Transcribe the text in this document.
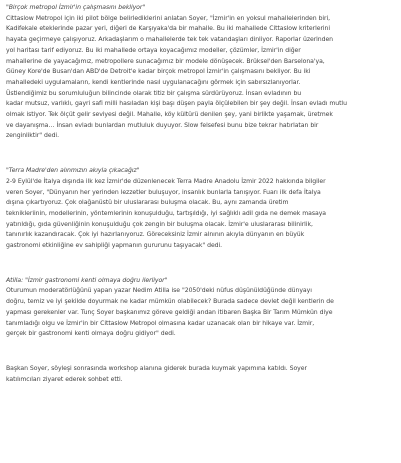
"Birçok metropol İzmir'in çalışmasını bekliyor"
Cittaslow Metropol için iki pilot bölge belirlediklerini anlatan Soyer, "İzmir'in en yoksul mahallelerinden biri,
Kadifekale eteklerinde pazar yeri, diğeri de Karşıyaka'da bir mahalle. Bu iki mahallede Cittaslow kriterlerini
hayata geçirmeye çalışıyoruz. Arkadaşlarım o mahallelerde tek tek vatandaşları dinliyor. Raporlar üzerinden
yol haritası tarif ediyoruz. Bu iki mahallede ortaya koyacağımız modeller, çözümler, İzmir'in diğer
mahallerine de yayacağımız, metropollere sunacağımız bir modele dönüşecek. Brüksel'den Barselona'ya,
Güney Kore'de Busan'dan ABD'de Detroit'e kadar birçok metropol İzmir'in çalışmasını bekliyor. Bu iki
mahalledeki uygulamaların, kendi kentlerinde nasıl uygulanacağını görmek için sabırsızlanıyorlar.
Üstlendiğimiz bu sorumluluğun bilincinde olarak titiz bir çalışma sürdürüyoruz. İnsan evladının bu
kadar mutsuz, varlıklı, gayri safi milli hasıladan kişi başı düşen payla ölçülebilen bir şey değil. İnsan evladı mutlu
olmak istiyor. Tek ölçüt gelir seviyesi değil. Mahalle, köy kültürü denilen şey, yani birlikte yaşamak, üretmek
ve dayanışma… İnsan evladı bunlardan mutluluk duyuyor. Slow felsefesi bunu bize tekrar hatırlatan bir
zenginliktir" dedi.
"Terra Madre'den alınmızın akıyla çıkacağız"
2-9 Eylül'de İtalya dışında ilk kez İzmir'de düzenlenecek Terra Madre Anadolu İzmir 2022 hakkında bilgiler
veren Soyer, "Dünyanın her yerinden lezzetler buluşuyor, insanlık bunlarla tanışıyor. Fuarı ilk defa İtalya
dışına çıkartıyoruz. Çok olağanüstü bir uluslararası buluşma olacak. Bu, aynı zamanda üretim
teknikleriinin, modellerinin, yöntemlerinin konuşulduğu, tartışıldığı, iyi sağlıklı adil gıda ne demek masaya
yatırıldığı, gıda güvenliğinin konuşulduğu çok zengin bir buluşma olacak. İzmir'e uluslararası bilinirlik,
tanınırlık kazandıracak. Çok iyi hazırlanıyoruz. Göreceksiniz İzmir alnının akıyla dünyanın en büyük
gastronomi etkinliğine ev sahipliği yapmanın gururunu taşıyacak" dedi.
Atilla: "İzmir gastronomi kenti olmaya doğru ilerliyor"
Oturumun moderatörlüğünü yapan yazar Nedim Atilla ise "2050'deki nüfus düşünüldüğünde dünyayı
doğru, temiz ve iyi şekilde doyurmak ne kadar mümkün olabilecek? Burada sadece devlet değil kentlerin de
yapması gerekenler var. Tunç Soyer başkanımız göreve geldiği andan itibaren Başka Bir Tarım Mümkün diye
tanımladığı olgu ve İzmir'in bir Cittaslow Metropol olmasına kadar uzanacak olan bir hikaye var. İzmir,
gerçek bir gastronomi kenti olmaya doğru gidiyor" dedi.
Başkan Soyer, söyleşi sonrasında workshop alanına giderek burada kuymak yapımına katıldı. Soyer
katılımcıları ziyaret ederek sohbet etti.
